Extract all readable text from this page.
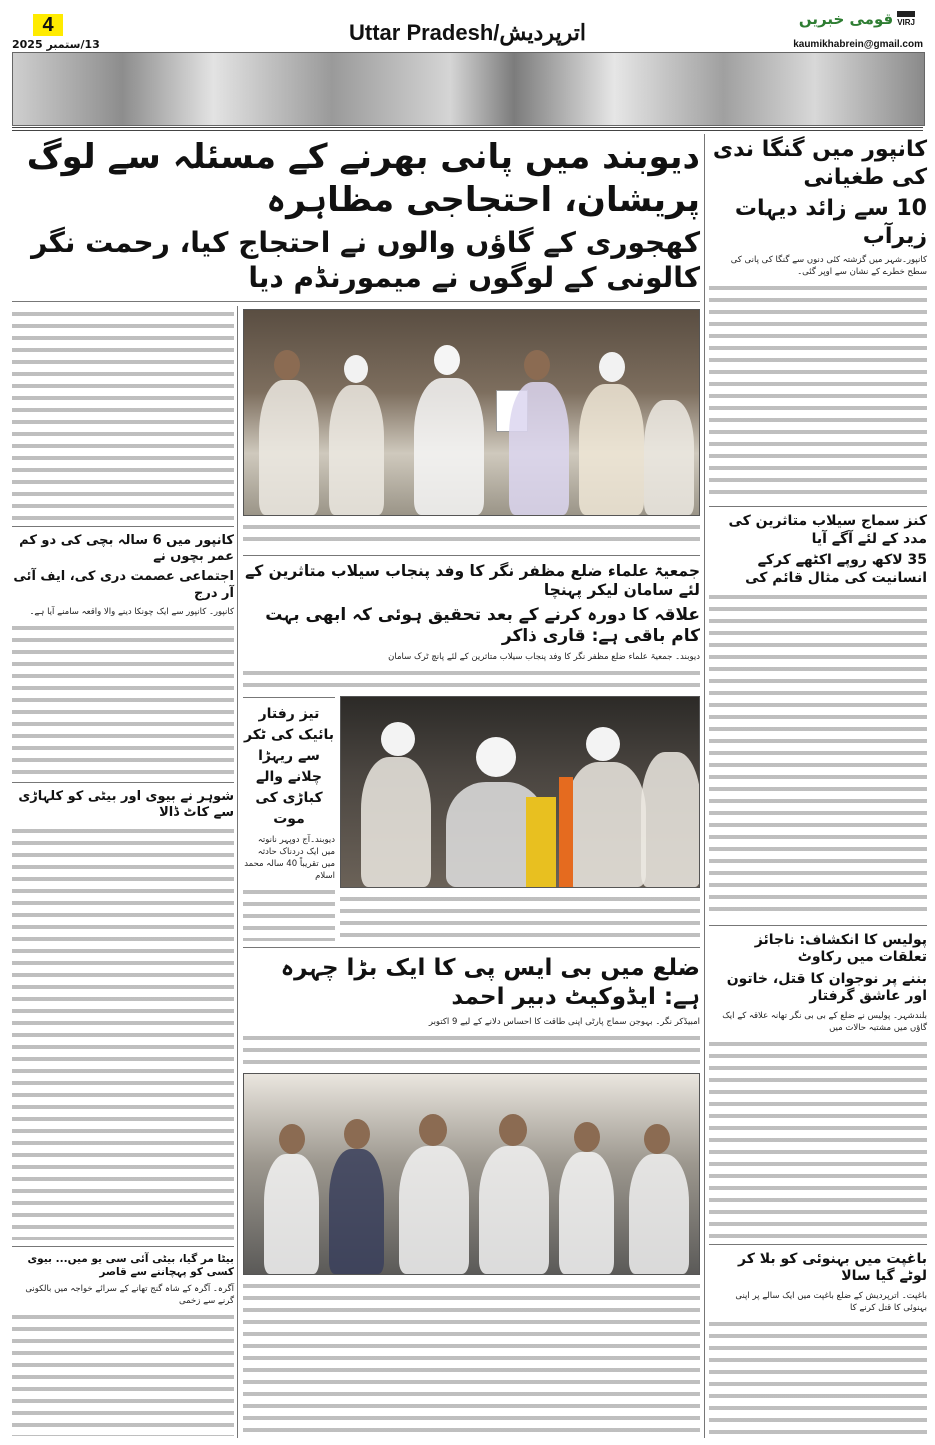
4
13/ستمبر 2025	Uttar Pradesh/اترپردیش	VIRJ
قومی خبریں
kaumikhabrein@gmail.com
کانپور میں گنگا ندی کی طغیانی
10 سے زائد دیہات زیرآب
کانپور۔شہر میں گزشتہ کئی دنوں سے گنگا کی پانی کی سطح خطرے کے نشان سے اوپر گئی۔
کنز سماج سیلاب متاثرین کی مدد کے لئے آگے آیا
35 لاکھ روپے اکٹھے کرکے انسانیت کی مثال قائم کی
پولیس کا انکشاف: ناجائز تعلقات میں رکاوٹ
بننے پر نوجوان کا قتل، خاتون اور عاشق گرفتار
بلندشہر۔ پولیس نے ضلع کے بی بی نگر تھانہ علاقہ کے ایک گاؤں میں مشتبہ حالات میں
باغپت میں بہنوئی کو بلا کر لوٹے گیا سالا
باغپت۔ اترپردیش کے ضلع باغپت میں ایک سالے پر اپنی بہنوئی کا قتل کرنے کا
دیوبند میں پانی بھرنے کے مسئلہ سے لوگ پریشان، احتجاجی مظاہرہ
کھجوری کے گاؤں والوں نے احتجاج کیا، رحمت نگر کالونی کے لوگوں نے میمورنڈم دیا
کانپور میں 6 سالہ بچی کی دو کم عمر بچوں نے
اجتماعی عصمت دری کی، ایف آئی آر درج
کانپور۔ کانپور سے ایک چونکا دینے والا واقعہ سامنے آیا ہے۔
شوہر نے بیوی اور بیٹی کو کلہاڑی سے کاٹ ڈالا
بیٹا مر گیا، بیٹی آئی سی یو میں... بیوی کسی کو پہچاننے سے قاصر
آگرہ۔ آگرہ کے شاہ گنج تھانے کے سرائے خواجہ میں بالکونی گرنے سے زخمی
جمعیۃ علماء ضلع مظفر نگر کا وفد پنجاب سیلاب متاثرین کے لئے سامان لیکر پہنچا
علاقہ کا دورہ کرنے کے بعد تحقیق ہوئی کہ ابھی بہت کام باقی ہے: قاری ذاکر
دیوبند۔ جمعیۃ علماء ضلع مظفر نگر کا وفد پنجاب سیلاب متاثرین کے لئے پانچ ٹرک سامان
تیز رفتار بائیک کی ٹکر سے ریہڑا چلانے والے کباڑی کی موت
دیوبند۔آج دوپہر نانوتہ میں ایک دردناک حادثہ میں تقریباً 40 سالہ محمد اسلام
ضلع میں بی ایس پی کا ایک بڑا چہرہ ہے: ایڈوکیٹ دبیر احمد
امبیڈکر نگر۔ بہوجن سماج پارٹی اپنی طاقت کا احساس دلانے کے لیے 9 اکتوبر
